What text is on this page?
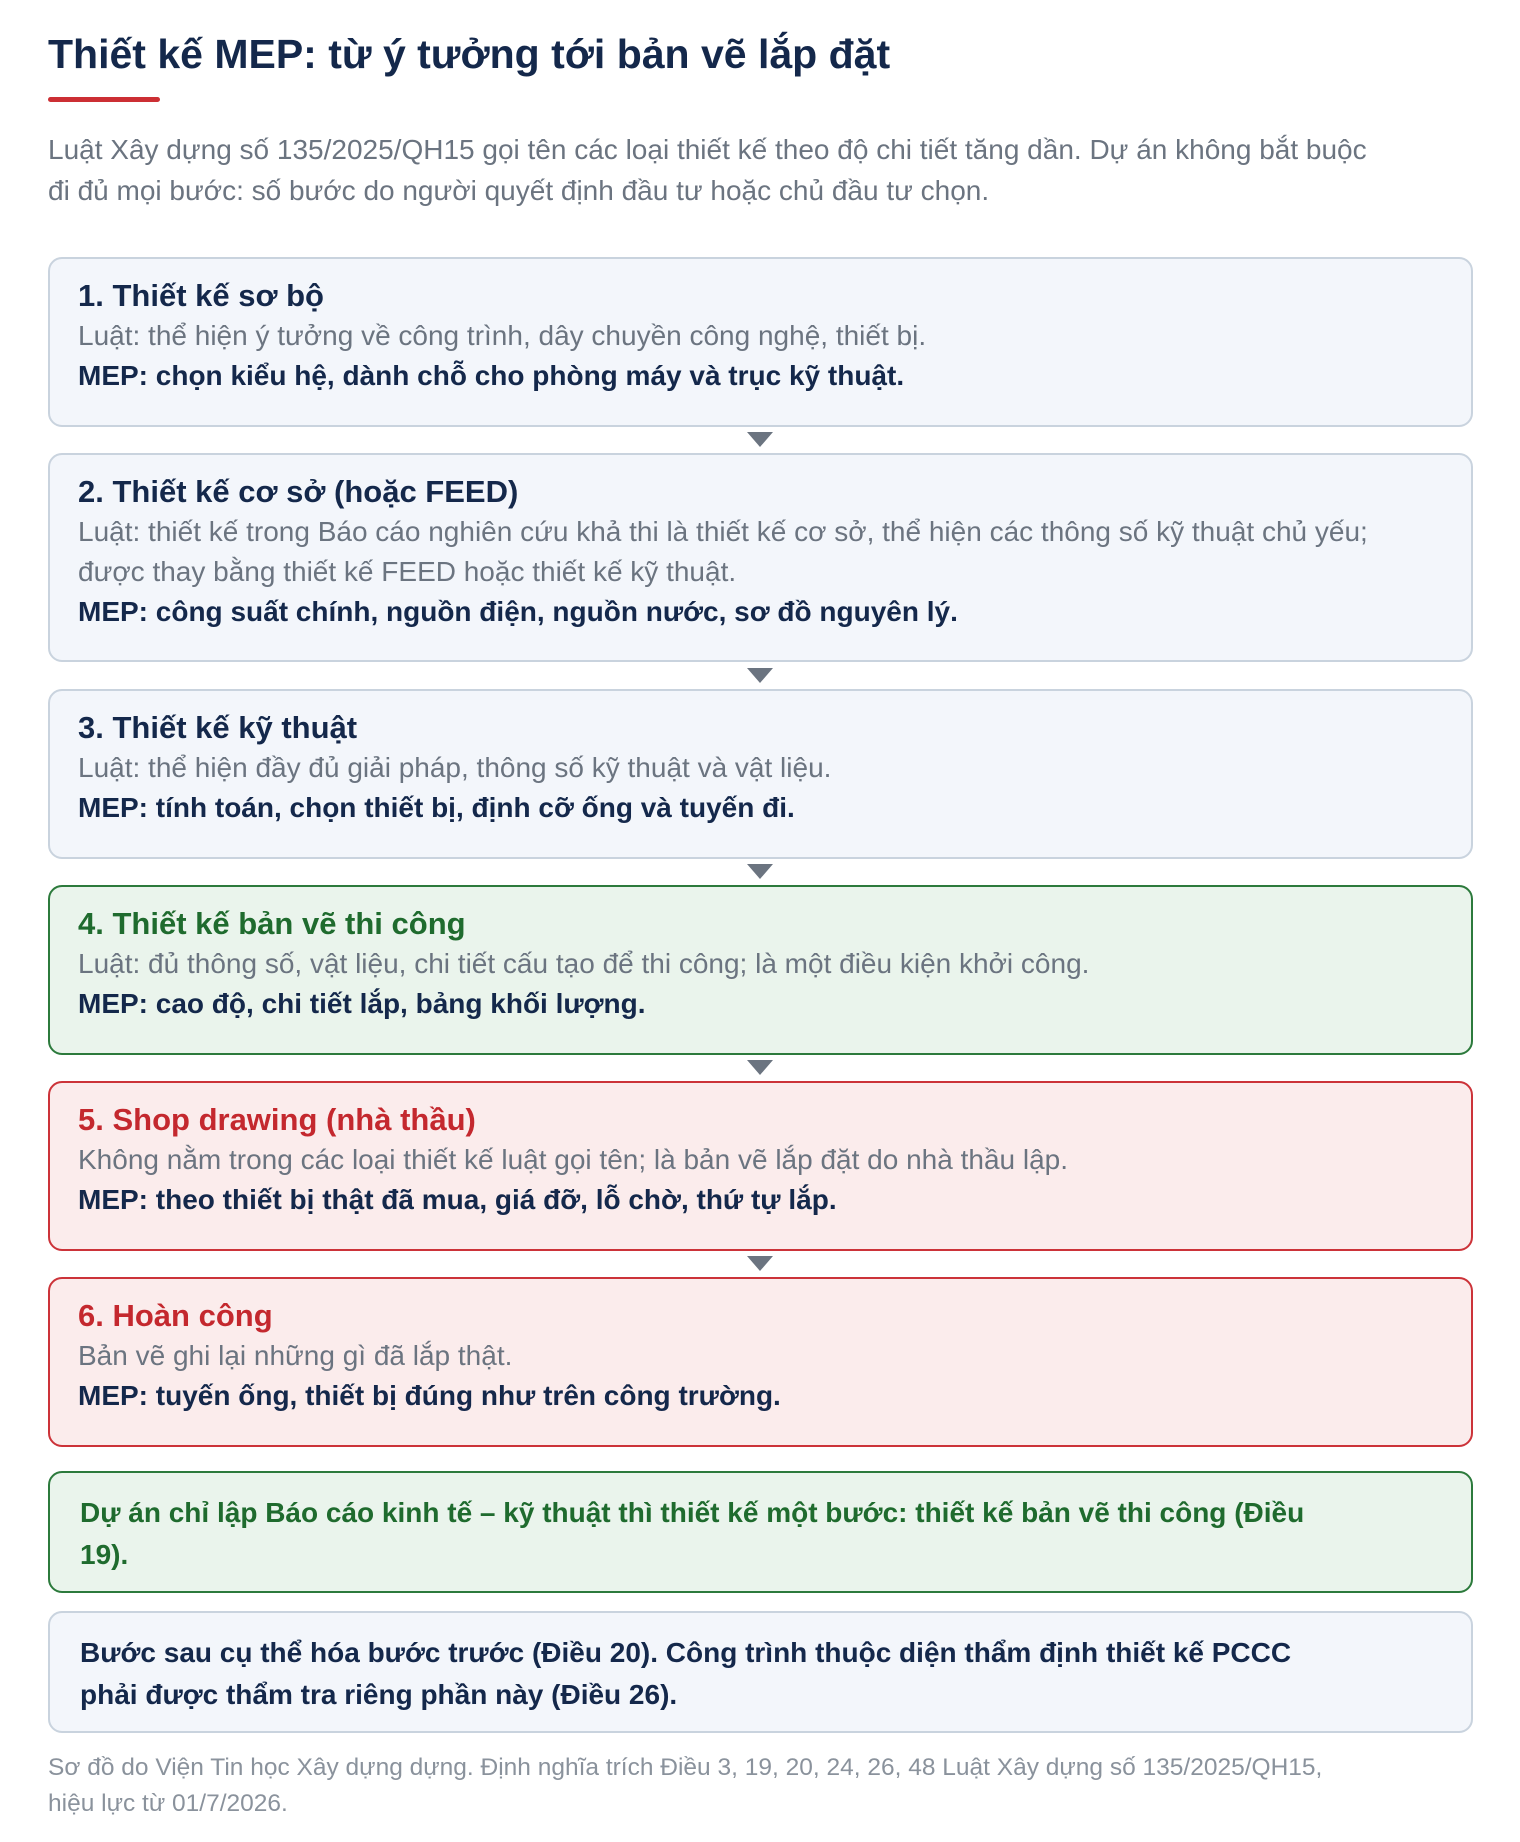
Thiết kế MEP: từ ý tưởng tới bản vẽ lắp đặt

Luật Xây dựng số 135/2025/QH15 gọi tên các loại thiết kế theo độ chi tiết tăng dần. Dự án không bắt buộc đi đủ mọi bước: số bước do người quyết định đầu tư hoặc chủ đầu tư chọn.

1. Thiết kế sơ bộ

Luật: thể hiện ý tưởng về công trình, dây chuyền công nghệ, thiết bị.

MEP: chọn kiểu hệ, dành chỗ cho phòng máy và trục kỹ thuật.

2. Thiết kế cơ sở (hoặc FEED)

Luật: thiết kế trong Báo cáo nghiên cứu khả thi là thiết kế cơ sở, thể hiện các thông số kỹ thuật chủ yếu; được thay bằng thiết kế FEED hoặc thiết kế kỹ thuật.

MEP: công suất chính, nguồn điện, nguồn nước, sơ đồ nguyên lý.

3. Thiết kế kỹ thuật

Luật: thể hiện đầy đủ giải pháp, thông số kỹ thuật và vật liệu.

MEP: tính toán, chọn thiết bị, định cỡ ống và tuyến đi.

4. Thiết kế bản vẽ thi công

Luật: đủ thông số, vật liệu, chi tiết cấu tạo để thi công; là một điều kiện khởi công.

MEP: cao độ, chi tiết lắp, bảng khối lượng.

5. Shop drawing (nhà thầu)

Không nằm trong các loại thiết kế luật gọi tên; là bản vẽ lắp đặt do nhà thầu lập.

MEP: theo thiết bị thật đã mua, giá đỡ, lỗ chờ, thứ tự lắp.

6. Hoàn công

Bản vẽ ghi lại những gì đã lắp thật.

MEP: tuyến ống, thiết bị đúng như trên công trường.

Dự án chỉ lập Báo cáo kinh tế – kỹ thuật thì thiết kế một bước: thiết kế bản vẽ thi công (Điều 19).

Bước sau cụ thể hóa bước trước (Điều 20). Công trình thuộc diện thẩm định thiết kế PCCC phải được thẩm tra riêng phần này (Điều 26).

Sơ đồ do Viện Tin học Xây dựng dựng. Định nghĩa trích Điều 3, 19, 20, 24, 26, 48 Luật Xây dựng số 135/2025/QH15, hiệu lực từ 01/7/2026.
